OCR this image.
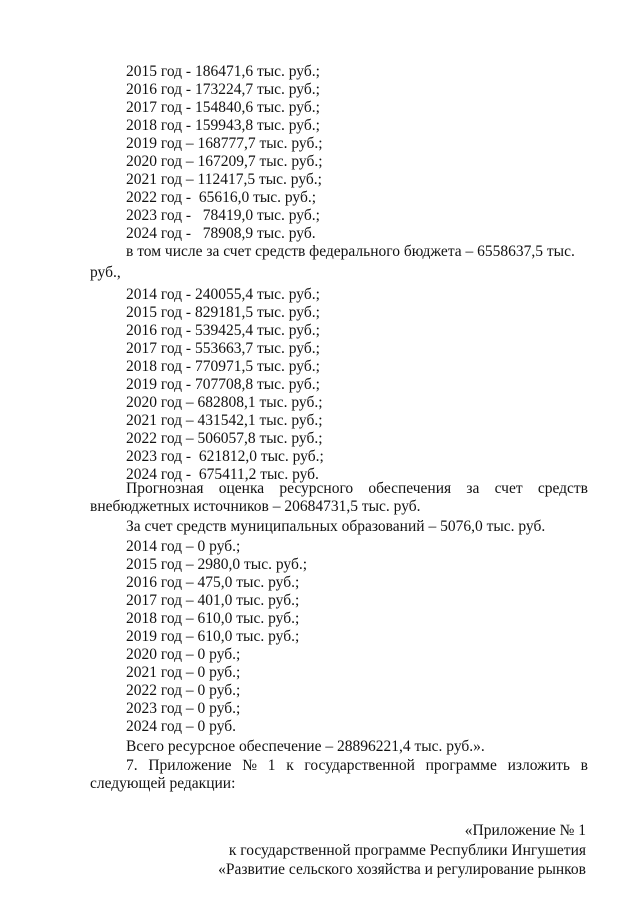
2015 год - 186471,6 тыс. руб.;
2016 год - 173224,7 тыс. руб.;
2017 год - 154840,6 тыс. руб.;
2018 год - 159943,8 тыс. руб.;
2019 год – 168777,7 тыс. руб.;
2020 год – 167209,7 тыс. руб.;
2021 год – 112417,5 тыс. руб.;
2022 год -  65616,0 тыс. руб.;
2023 год -   78419,0 тыс. руб.;
2024 год -   78908,9 тыс. руб.
в том числе за счет средств федерального бюджета – 6558637,5 тыс.
руб.,
2014 год - 240055,4 тыс. руб.;
2015 год - 829181,5 тыс. руб.;
2016 год - 539425,4 тыс. руб.;
2017 год - 553663,7 тыс. руб.;
2018 год - 770971,5 тыс. руб.;
2019 год - 707708,8 тыс. руб.;
2020 год – 682808,1 тыс. руб.;
2021 год – 431542,1 тыс. руб.;
2022 год – 506057,8 тыс. руб.;
2023 год -  621812,0 тыс. руб.;
2024 год -  675411,2 тыс. руб.
Прогнозная оценка ресурсного обеспечения за счет средств
внебюджетных источников – 20684731,5 тыс. руб.
За счет средств муниципальных образований – 5076,0 тыс. руб.
2014 год – 0 руб.;
2015 год – 2980,0 тыс. руб.;
2016 год – 475,0 тыс. руб.;
2017 год – 401,0 тыс. руб.;
2018 год – 610,0 тыс. руб.;
2019 год – 610,0 тыс. руб.;
2020 год – 0 руб.;
2021 год – 0 руб.;
2022 год – 0 руб.;
2023 год – 0 руб.;
2024 год – 0 руб.
Всего ресурсное обеспечение – 28896221,4 тыс. руб.».
7. Приложение № 1 к государственной программе изложить в
следующей редакции:
«Приложение № 1
к государственной программе Республики Ингушетия
«Развитие сельского хозяйства и регулирование рынков
